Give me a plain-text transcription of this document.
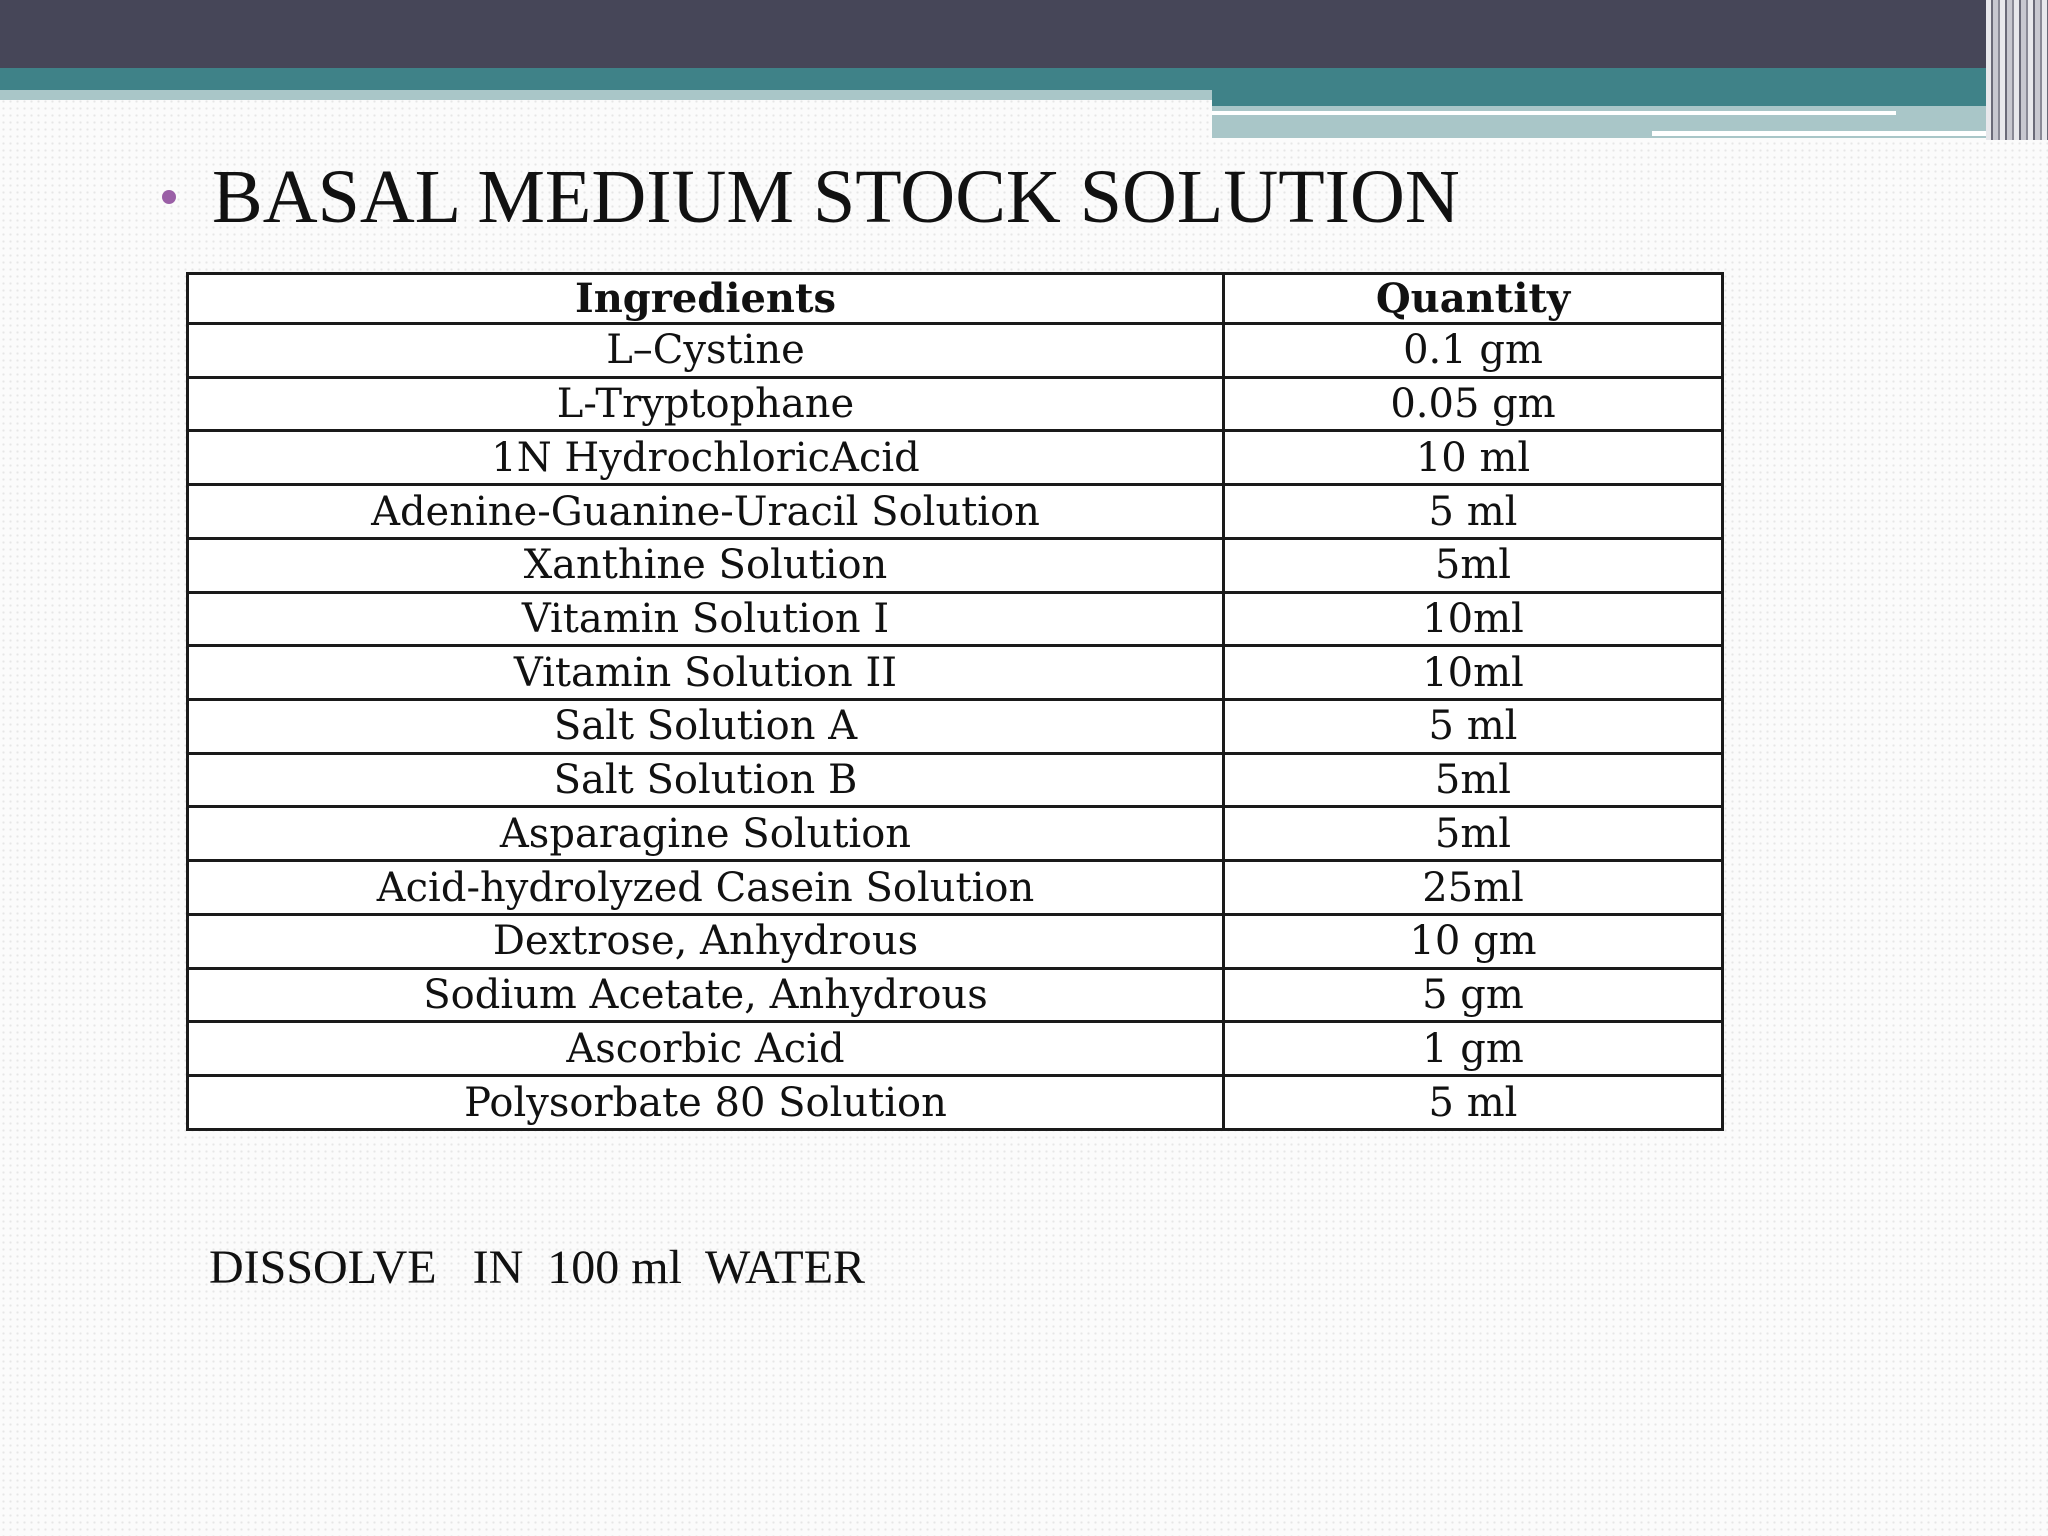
BASAL MEDIUM STOCK SOLUTION
Ingredients	Quantity
L–Cystine	0.1 gm
L-Tryptophane	0.05 gm
1N HydrochloricAcid	10 ml
Adenine-Guanine-Uracil Solution	5 ml
Xanthine Solution	5ml
Vitamin Solution I	10ml
Vitamin Solution II	10ml
Salt Solution A	5 ml
Salt Solution B	5ml
Asparagine Solution	5ml
Acid-hydrolyzed Casein Solution	25ml
Dextrose, Anhydrous	10 gm
Sodium Acetate, Anhydrous	5 gm
Ascorbic Acid	1 gm
Polysorbate 80 Solution	5 ml
DISSOLVE   IN  100 ml  WATER
